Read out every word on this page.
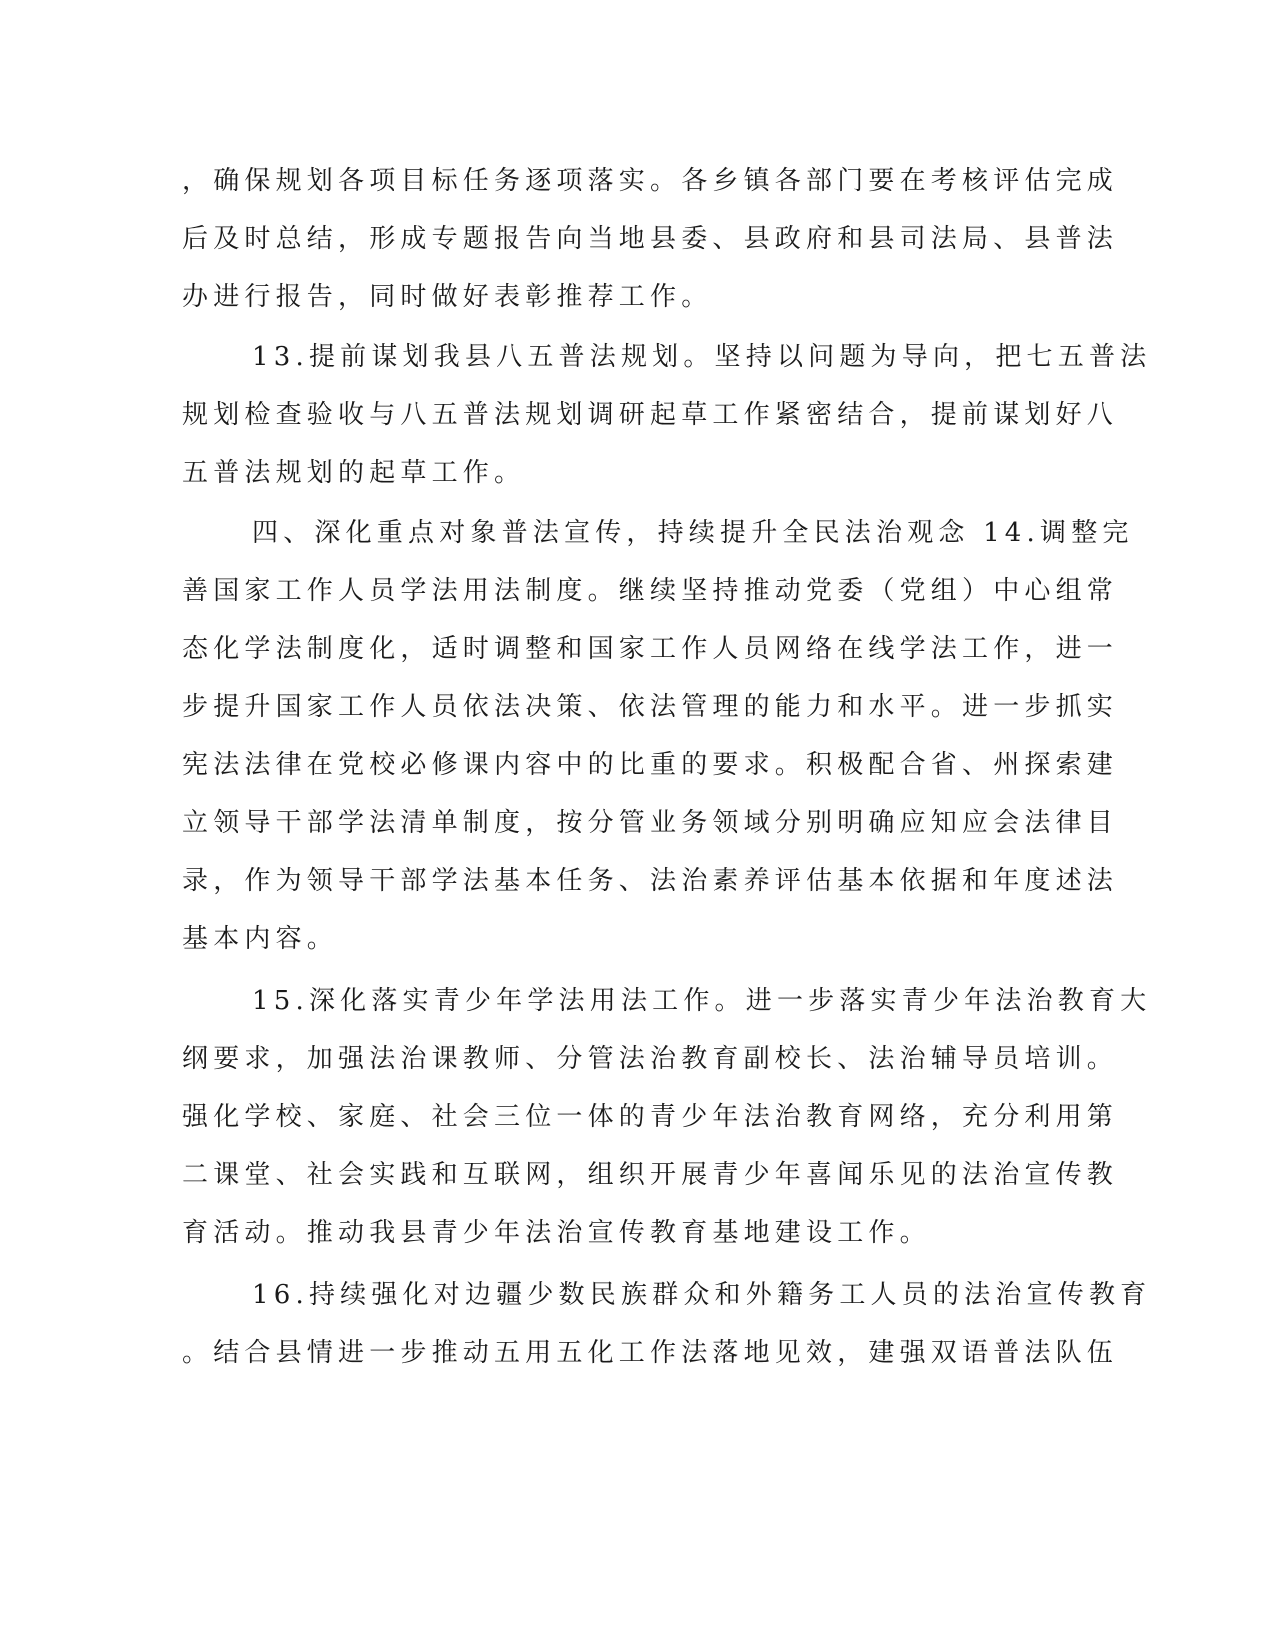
，确保规划各项目标任务逐项落实。各乡镇各部门要在考核评估完成
后及时总结，形成专题报告向当地县委、县政府和县司法局、县普法
办进行报告，同时做好表彰推荐工作。
13.提前谋划我县八五普法规划。坚持以问题为导向，把七五普法
规划检查验收与八五普法规划调研起草工作紧密结合，提前谋划好八
五普法规划的起草工作。
四、深化重点对象普法宣传，持续提升全民法治观念 14.调整完
善国家工作人员学法用法制度。继续坚持推动党委（党组）中心组常
态化学法制度化，适时调整和国家工作人员网络在线学法工作，进一
步提升国家工作人员依法决策、依法管理的能力和水平。进一步抓实
宪法法律在党校必修课内容中的比重的要求。积极配合省、州探索建
立领导干部学法清单制度，按分管业务领域分别明确应知应会法律目
录，作为领导干部学法基本任务、法治素养评估基本依据和年度述法
基本内容。
15.深化落实青少年学法用法工作。进一步落实青少年法治教育大
纲要求，加强法治课教师、分管法治教育副校长、法治辅导员培训。
强化学校、家庭、社会三位一体的青少年法治教育网络，充分利用第
二课堂、社会实践和互联网，组织开展青少年喜闻乐见的法治宣传教
育活动。推动我县青少年法治宣传教育基地建设工作。
16.持续强化对边疆少数民族群众和外籍务工人员的法治宣传教育
。结合县情进一步推动五用五化工作法落地见效，建强双语普法队伍
